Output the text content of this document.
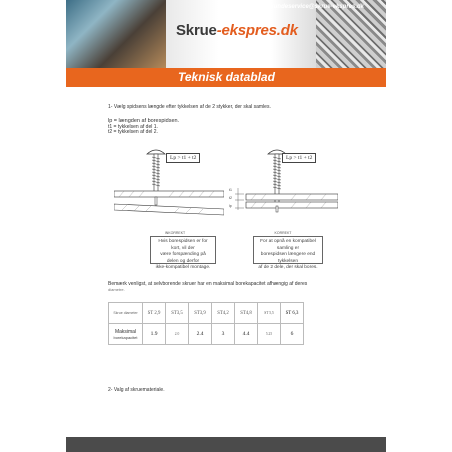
Skrue-ekspres.dk
Teknisk datablad
1- Vælg spidsens længde efter tykkelsen af de 2 stykker, der skal samles.
lp = længden af borespidsen.
t1 = tykkelsen af del 1.
t2 = tykkelsen af del 2.
Lp > t1 + t2
INKORREKT
Hvis borespidsen er for kort, vil der
være forspænding på delen og derfor
ikke-kompatibel montage.
t1
t2
lp
Lp > t1 + t2
KORREKT
For at opnå en kompatibel samling er
borespidsen længere end tykkelsen
af de 2 dele, der skal bores.
Bemærk venligst, at selvborende skruer har en maksimal borekapacitet afhængig af deres
diametre.
Skrue diameter	ST 2,9	ST3,5	ST3,9	ST4,2	ST4,8	ST 5,5	ST 6,3
Maksimal
borekapacitet	1.9	2.0	2.4	3	4.4	5.25	6
2- Valg af skruemateriale.
kundeservice@skrue-ekspres.dk
